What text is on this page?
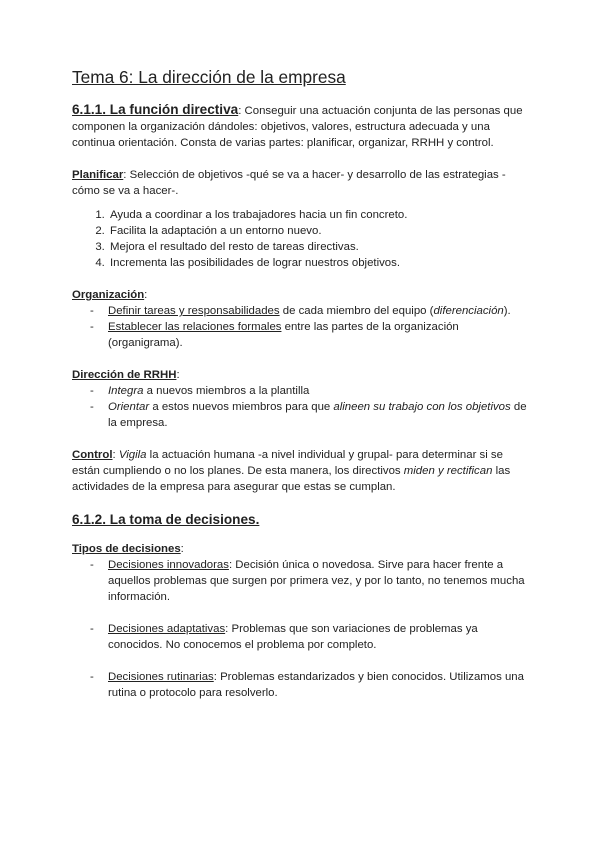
Tema 6: La dirección de la empresa

6.1.1. La función directiva: Conseguir una actuación conjunta de las personas que componen la organización dándoles: objetivos, valores, estructura adecuada y una continua orientación. Consta de varias partes: planificar, organizar, RRHH y control.

Planificar: Selección de objetivos -qué se va a hacer- y desarrollo de las estrategias -cómo se va a hacer-.

1. Ayuda a coordinar a los trabajadores hacia un fin concreto.
2. Facilita la adaptación a un entorno nuevo.
3. Mejora el resultado del resto de tareas directivas.
4. Incrementa las posibilidades de lograr nuestros objetivos.

Organización:

- Definir tareas y responsabilidades de cada miembro del equipo (diferenciación).
- Establecer las relaciones formales entre las partes de la organización (organigrama).

Dirección de RRHH:

- Integra a nuevos miembros a la plantilla
- Orientar a estos nuevos miembros para que alineen su trabajo con los objetivos de la empresa.

Control: Vigila la actuación humana -a nivel individual y grupal- para determinar si se están cumpliendo o no los planes. De esta manera, los directivos miden y rectifican las actividades de la empresa para asegurar que estas se cumplan.

6.1.2. La toma de decisiones.

Tipos de decisiones:

- Decisiones innovadoras: Decisión única o novedosa. Sirve para hacer frente a aquellos problemas que surgen por primera vez, y por lo tanto, no tenemos mucha información.
- Decisiones adaptativas: Problemas que son variaciones de problemas ya conocidos. No conocemos el problema por completo.
- Decisiones rutinarias: Problemas estandarizados y bien conocidos. Utilizamos una rutina o protocolo para resolverlo.
